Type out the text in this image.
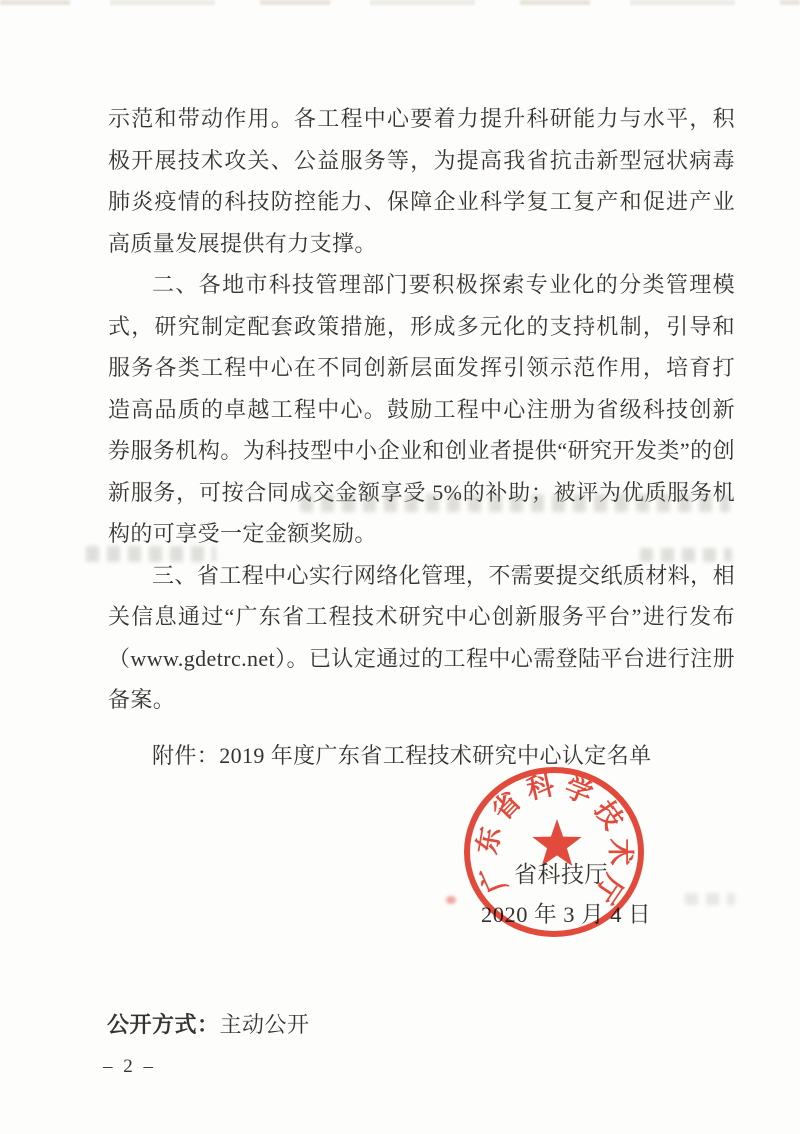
示范和带动作用。各工程中心要着力提升科研能力与水平，积极开展技术攻关、公益服务等，为提高我省抗击新型冠状病毒肺炎疫情的科技防控能力、保障企业科学复工复产和促进产业高质量发展提供有力支撑。

二、各地市科技管理部门要积极探索专业化的分类管理模式，研究制定配套政策措施，形成多元化的支持机制，引导和服务各类工程中心在不同创新层面发挥引领示范作用，培育打造高品质的卓越工程中心。鼓励工程中心注册为省级科技创新券服务机构。为科技型中小企业和创业者提供“研究开发类”的创新服务，可按合同成交金额享受 5%的补助；被评为优质服务机构的可享受一定金额奖励。

三、省工程中心实行网络化管理，不需要提交纸质材料，相关信息通过“广东省工程技术研究中心创新服务平台”进行发布（www.gdetrc.net）。已认定通过的工程中心需登陆平台进行注册备案。

附件：2019 年度广东省工程技术研究中心认定名单

省科技厅
2020 年 3 月 4 日
广
东
省
科 学
技
术
厅
公开方式：主动公开
– 2 –
